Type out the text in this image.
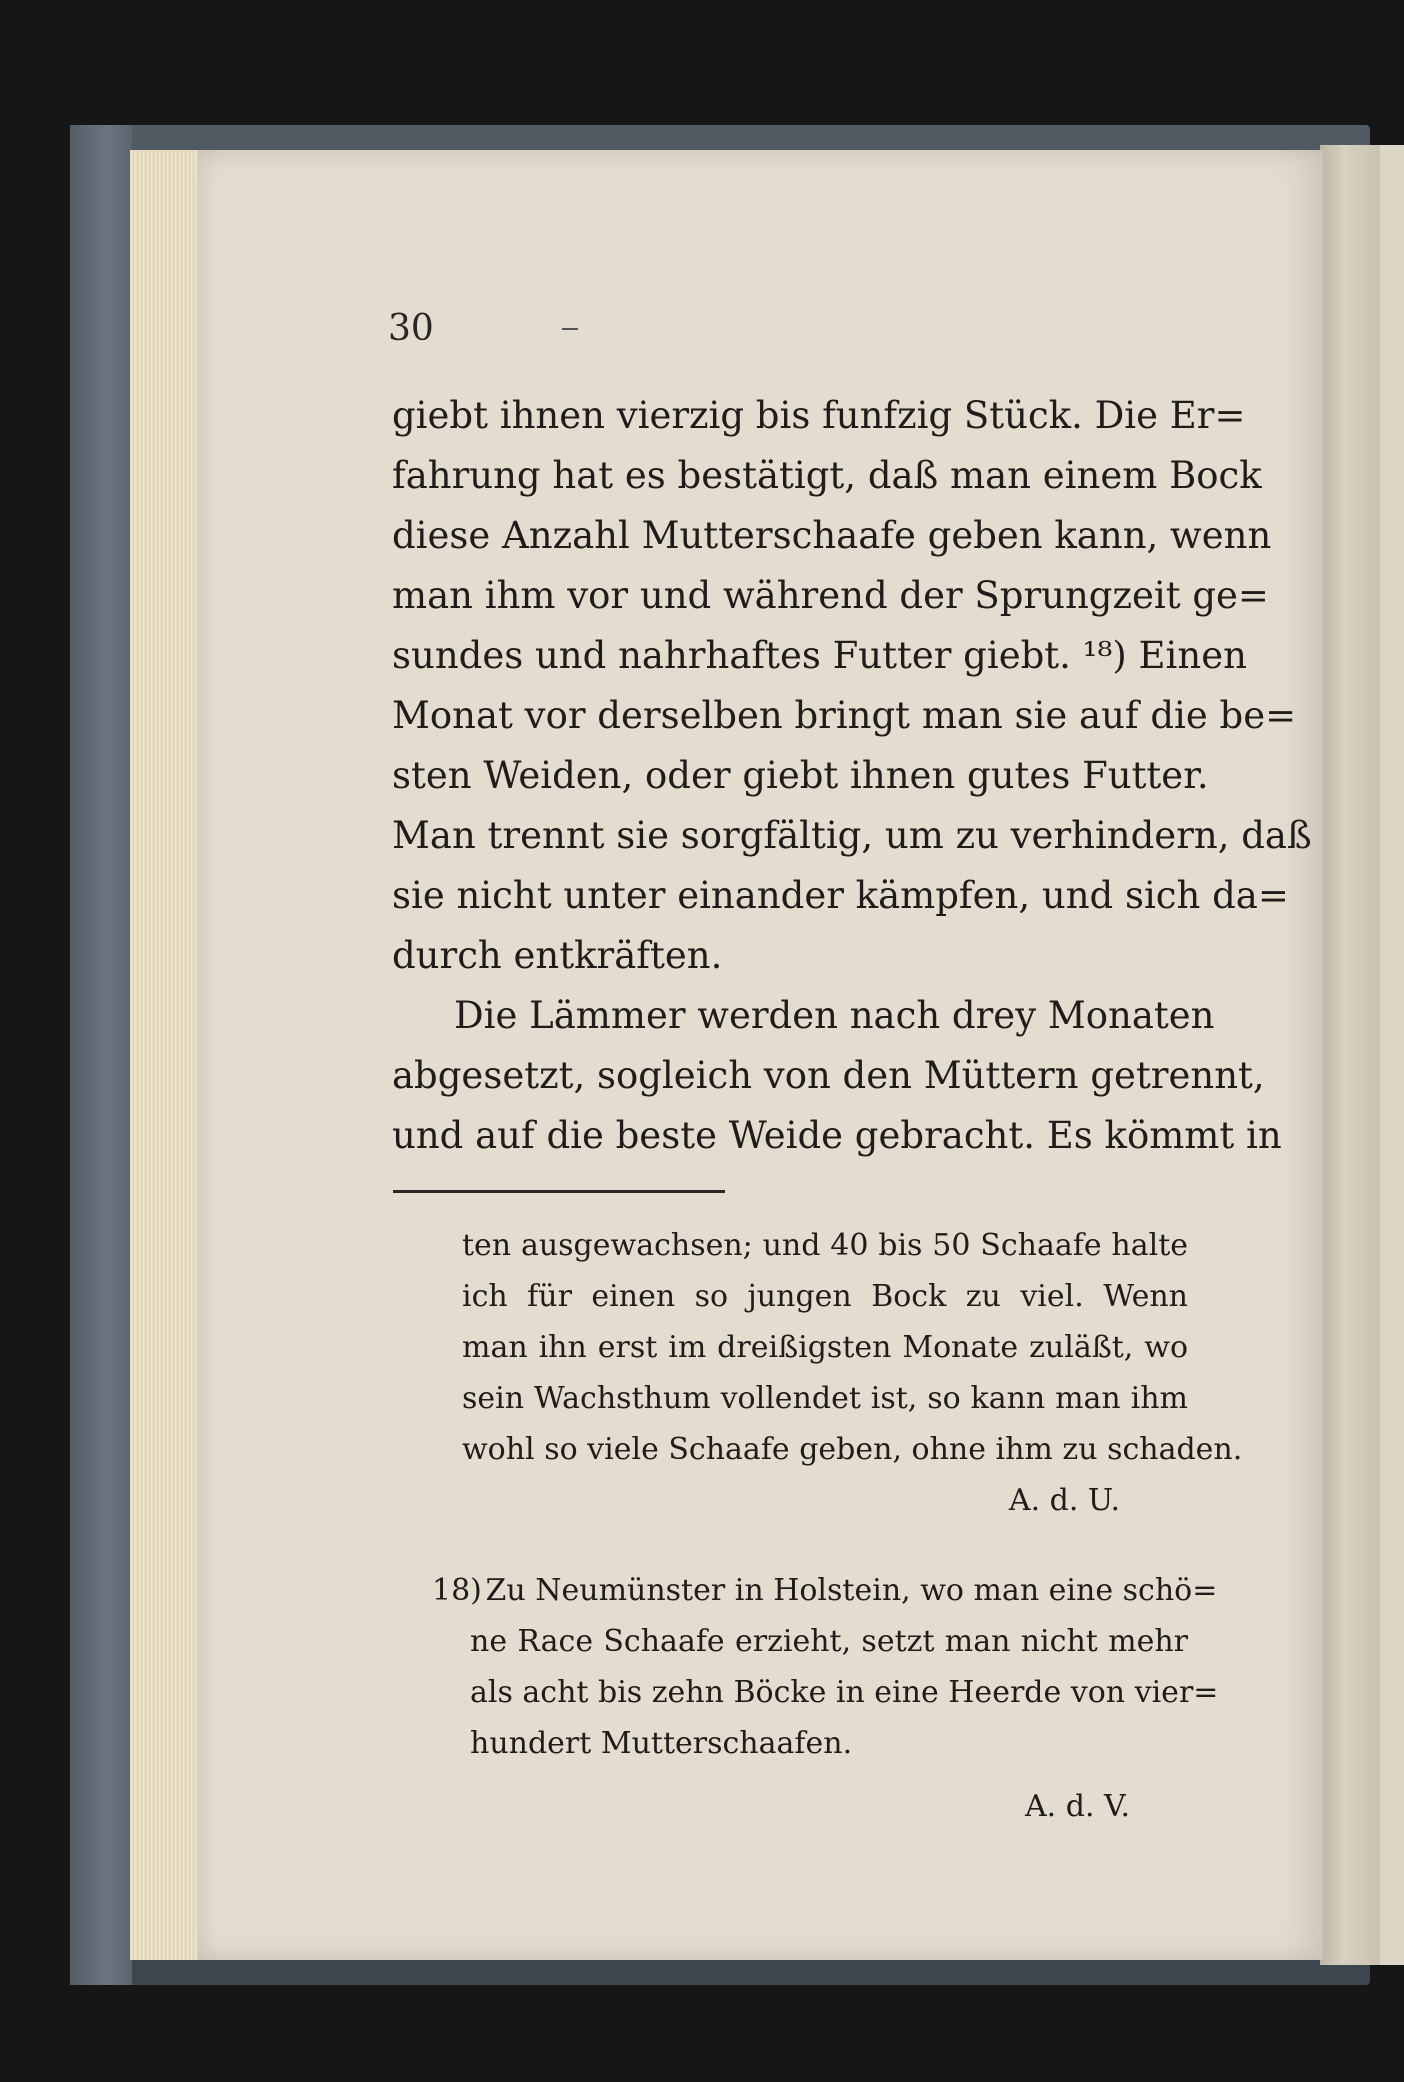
30
giebt ihnen vierzig bis funfzig Stück. Die Er=
fahrung hat es bestätigt, daß man einem Bock
diese Anzahl Mutterschaafe geben kann, wenn
man ihm vor und während der Sprungzeit ge=
sundes und nahrhaftes Futter giebt. ¹⁸) Einen
Monat vor derselben bringt man sie auf die be=
sten Weiden, oder giebt ihnen gutes Futter.
Man trennt sie sorgfältig, um zu verhindern, daß
sie nicht unter einander kämpfen, und sich da=
durch entkräften.
Die Lämmer werden nach drey Monaten
abgesetzt, sogleich von den Müttern getrennt,
und auf die beste Weide gebracht. Es kömmt in
ten ausgewachsen; und 40 bis 50 Schaafe halte
ich für einen so jungen Bock zu viel. Wenn
man ihn erst im dreißigsten Monate zuläßt, wo
sein Wachsthum vollendet ist, so kann man ihm
wohl so viele Schaafe geben, ohne ihm zu schaden.
A. d. U.
18) Zu Neumünster in Holstein, wo man eine schö=
ne Race Schaafe erzieht, setzt man nicht mehr
als acht bis zehn Böcke in eine Heerde von vier=
hundert Mutterschaafen.
A. d. V.
